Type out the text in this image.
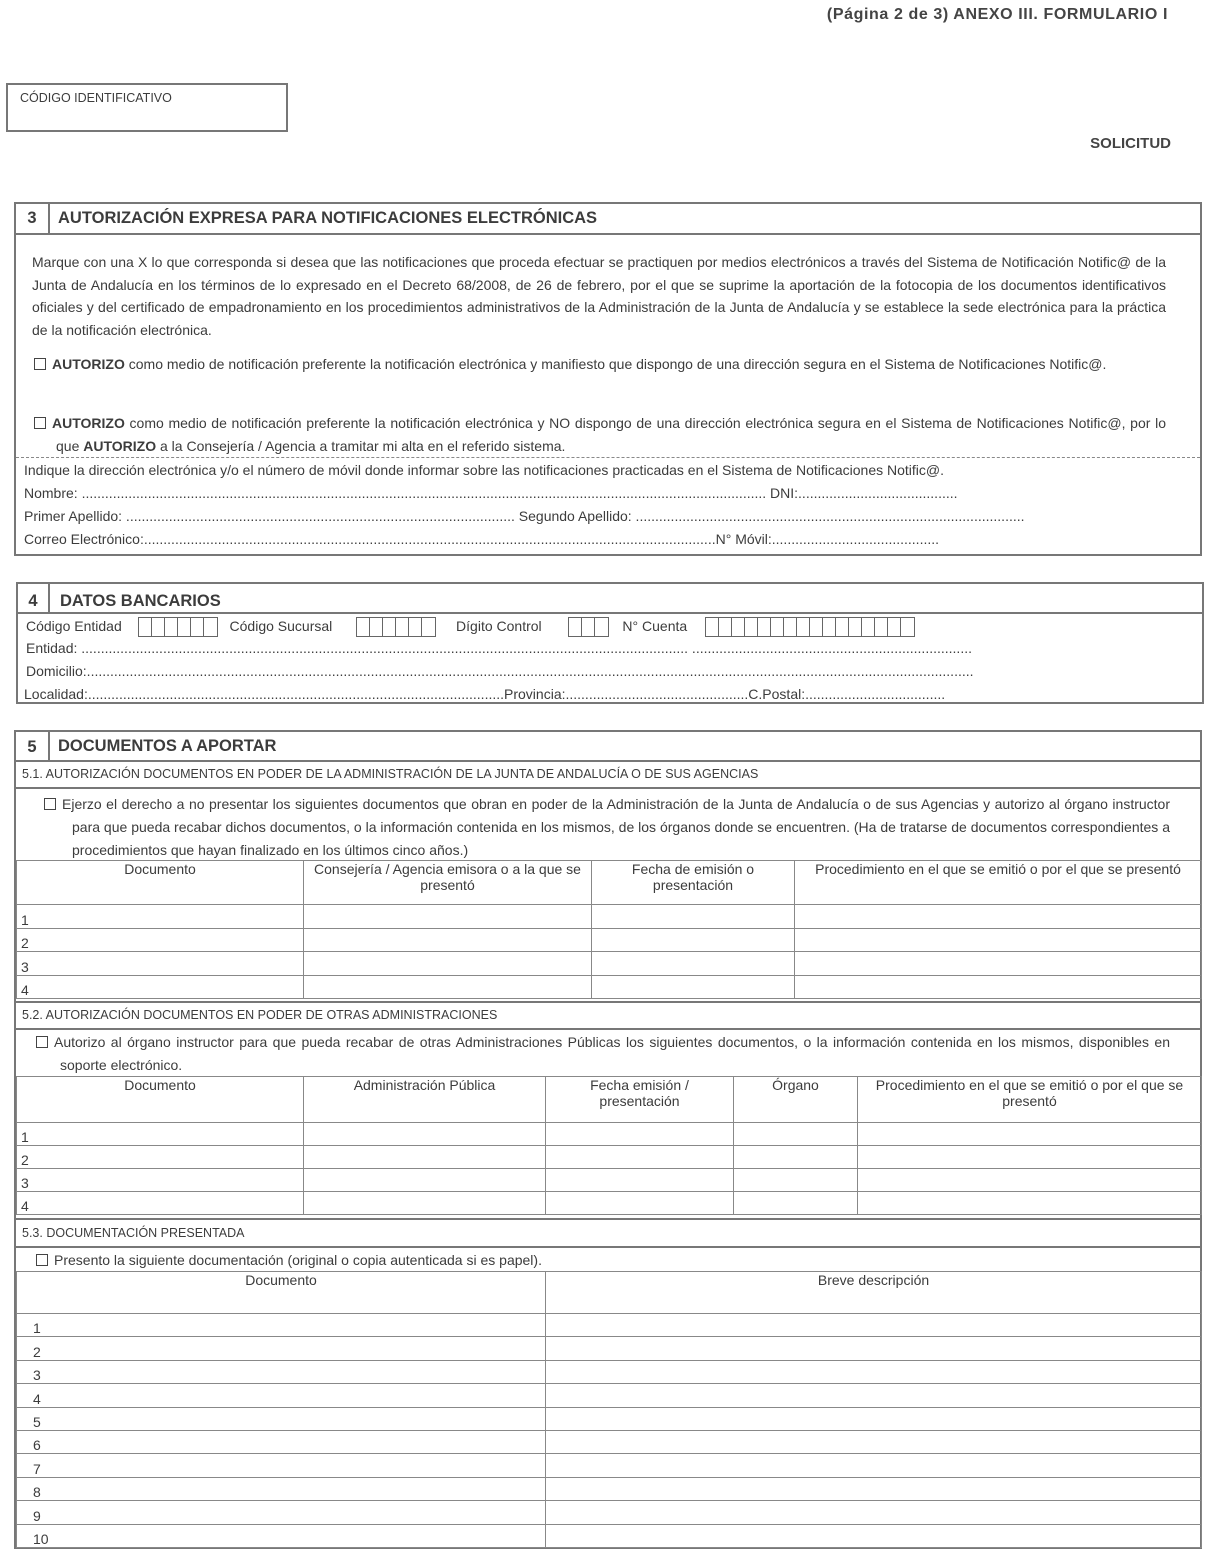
(Página 2 de 3) ANEXO III. FORMULARIO I
CÓDIGO IDENTIFICATIVO
SOLICITUD
3	AUTORIZACIÓN EXPRESA PARA NOTIFICACIONES ELECTRÓNICAS
Marque con una X lo que corresponda si desea que las notificaciones que proceda efectuar se practiquen por medios electrónicos a través del Sistema de Notificación Notific@ de la Junta de Andalucía en los términos de lo expresado en el Decreto 68/2008, de 26 de febrero, por el que se suprime la aportación de la fotocopia de los documentos identificativos oficiales y del certificado de empadronamiento en los procedimientos administrativos de la Administración de la Junta de Andalucía y se establece la sede electrónica para la práctica de la notificación electrónica.
AUTORIZO como medio de notificación preferente la notificación electrónica y manifiesto que dispongo de una dirección segura en el Sistema de Notificaciones Notific@.
AUTORIZO como medio de notificación preferente la notificación electrónica y NO dispongo de una dirección electrónica segura en el Sistema de Notificaciones Notific@, por lo que AUTORIZO a la Consejería / Agencia a tramitar mi alta en el referido sistema.
Indique la dirección electrónica y/o el número de móvil donde informar sobre las notificaciones practicadas en el Sistema de Notificaciones Notific@.
Nombre: ................................................................................................................................................................................ DNI:.........................................
Primer Apellido: .................................................................................................... Segundo Apellido: ....................................................................................................
Correo Electrónico:...................................................................................................................................................N° Móvil:...........................................
4	DATOS BANCARIOS
Código Entidad	Código Sucursal	Dígito Control	N° Cuenta
Entidad: ............................................................................................................................................................ ........................................................................
Domicilio:....................................................................................................................................................................................................................................
Localidad:...........................................................................................................Provincia:...............................................C.Postal:....................................
5	DOCUMENTOS A APORTAR
5.1. AUTORIZACIÓN DOCUMENTOS EN PODER DE LA ADMINISTRACIÓN DE LA JUNTA DE ANDALUCÍA O DE SUS AGENCIAS
Ejerzo el derecho a no presentar los siguientes documentos que obran en poder de la Administración de la Junta de Andalucía o de sus Agencias y autorizo al órgano instructor para que pueda recabar dichos documentos, o la información contenida en los mismos, de los órganos donde se encuentren. (Ha de tratarse de documentos correspondientes a procedimientos que hayan finalizado en los últimos cinco años.)
Documento	Consejería / Agencia emisora o a la que se presentó	Fecha de emisión o presentación	Procedimiento en el que se emitió o por el que se presentó
1			
2			
3			
4			
5.2. AUTORIZACIÓN DOCUMENTOS EN PODER DE OTRAS ADMINISTRACIONES
Autorizo al órgano instructor para que pueda recabar de otras Administraciones Públicas los siguientes documentos, o la información contenida en los mismos, disponibles en soporte electrónico.
Documento	Administración Pública	Fecha emisión / presentación	Órgano	Procedimiento en el que se emitió o por el que se presentó
1				
2				
3				
4				
5.3. DOCUMENTACIÓN PRESENTADA
Presento la siguiente documentación (original o copia autenticada si es papel).
Documento	Breve descripción
1	
2	
3	
4	
5	
6	
7	
8	
9	
10	
